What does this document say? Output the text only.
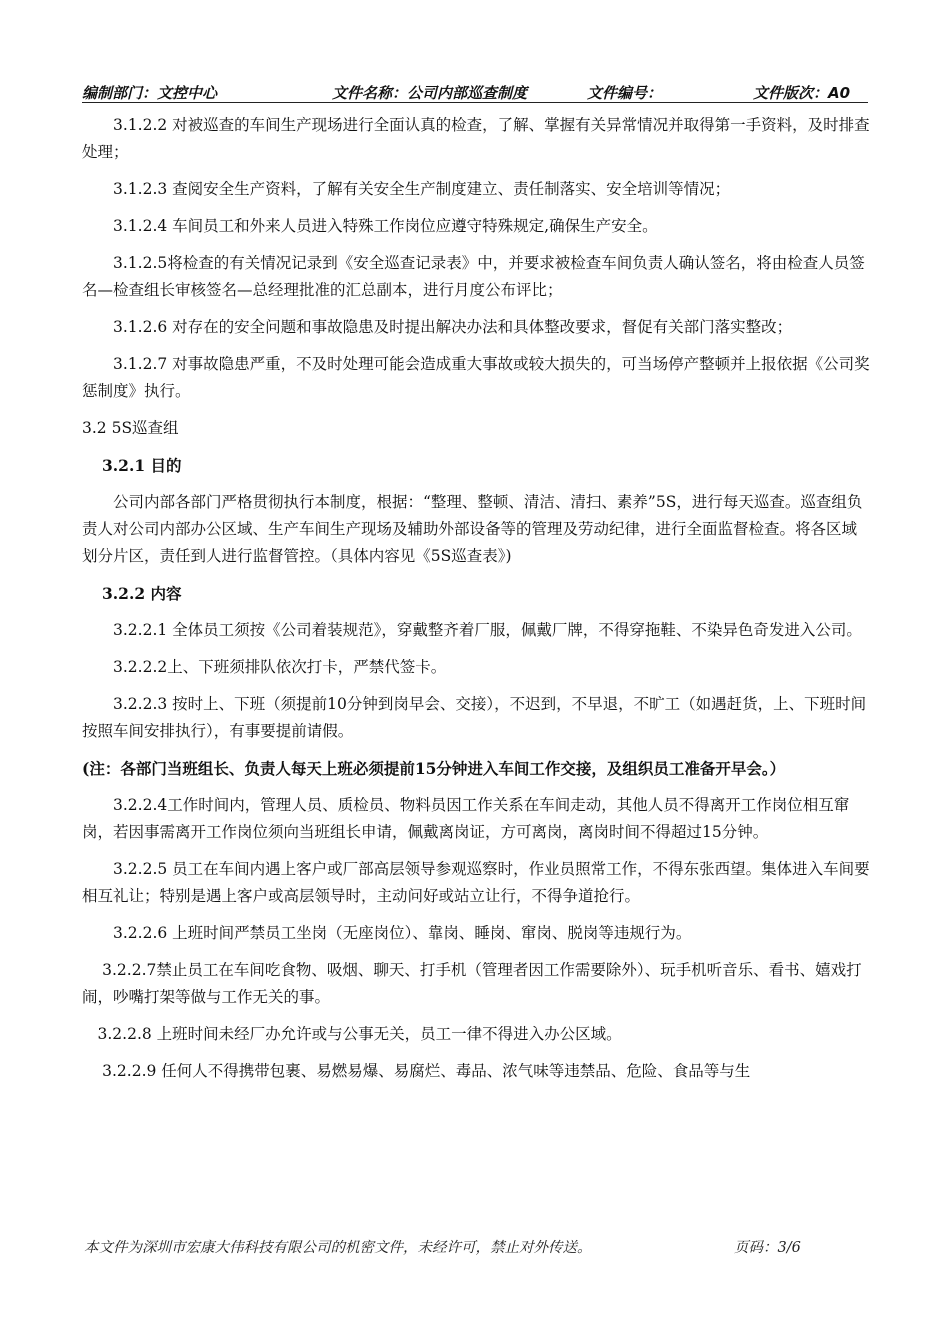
编制部门：文控中心	文件名称：公司内部巡查制度	文件编号：	文件版次：A0

3.1.2.2 对被巡查的车间生产现场进行全面认真的检查，了解、掌握有关异常情况并取得第一手资料，及时排查处理；

3.1.2.3 查阅安全生产资料，了解有关安全生产制度建立、责任制落实、安全培训等情况；

3.1.2.4 车间员工和外来人员进入特殊工作岗位应遵守特殊规定,确保生产安全。

3.1.2.5将检查的有关情况记录到《安全巡查记录表》中，并要求被检查车间负责人确认签名，将由检查人员签名—检查组长审核签名—总经理批准的汇总副本，进行月度公布评比；

3.1.2.6 对存在的安全问题和事故隐患及时提出解决办法和具体整改要求，督促有关部门落实整改；

3.1.2.7 对事故隐患严重，不及时处理可能会造成重大事故或较大损失的，可当场停产整顿并上报依据《公司奖惩制度》执行。

3.2 5S巡查组

3.2.1 目的

公司内部各部门严格贯彻执行本制度，根据：“整理、整顿、清洁、清扫、素养”5S，进行每天巡查。巡查组负责人对公司内部办公区域、生产车间生产现场及辅助外部设备等的管理及劳动纪律，进行全面监督检查。将各区域划分片区，责任到人进行监督管控。（具体内容见《5S巡查表》)

3.2.2 内容

3.2.2.1 全体员工须按《公司着装规范》，穿戴整齐着厂服，佩戴厂牌，不得穿拖鞋、不染异色奇发进入公司。

3.2.2.2上、下班须排队依次打卡，严禁代签卡。

3.2.2.3 按时上、下班（须提前10分钟到岗早会、交接），不迟到，不早退，不旷工（如遇赶货，上、下班时间按照车间安排执行），有事要提前请假。

(注：各部门当班组长、负责人每天上班必须提前15分钟进入车间工作交接，及组织员工准备开早会。）

3.2.2.4工作时间内，管理人员、质检员、物料员因工作关系在车间走动，其他人员不得离开工作岗位相互窜岗，若因事需离开工作岗位须向当班组长申请，佩戴离岗证，方可离岗，离岗时间不得超过15分钟。

3.2.2.5 员工在车间内遇上客户或厂部高层领导参观巡察时，作业员照常工作，不得东张西望。集体进入车间要相互礼让；特别是遇上客户或高层领导时，主动问好或站立让行，不得争道抢行。

3.2.2.6 上班时间严禁员工坐岗（无座岗位）、靠岗、睡岗、窜岗、脱岗等违规行为。

3.2.2.7禁止员工在车间吃食物、吸烟、聊天、打手机（管理者因工作需要除外）、玩手机听音乐、看书、嬉戏打闹，吵嘴打架等做与工作无关的事。

3.2.2.8 上班时间未经厂办允许或与公事无关，员工一律不得进入办公区域。

3.2.2.9 任何人不得携带包裹、易燃易爆、易腐烂、毒品、浓气味等违禁品、危险、食品等与生

本文件为深圳市宏康大伟科技有限公司的机密文件，未经许可，禁止对外传送。	页码：3/6
